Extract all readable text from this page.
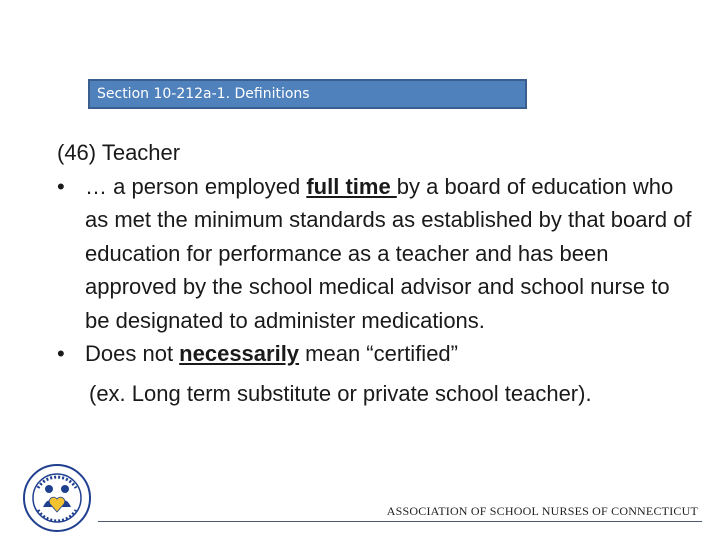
Section 10-212a-1. Definitions

(46) Teacher

• … a person employed full time by a board of education who as met the minimum standards as established by that board of education for performance as a teacher and has been approved by the school medical advisor and school nurse to be designated to administer medications.

• Does not necessarily mean “certified”

(ex. Long term substitute or private school teacher).

ASSOCIATION OF SCHOOL NURSES OF CONNECTICUT
